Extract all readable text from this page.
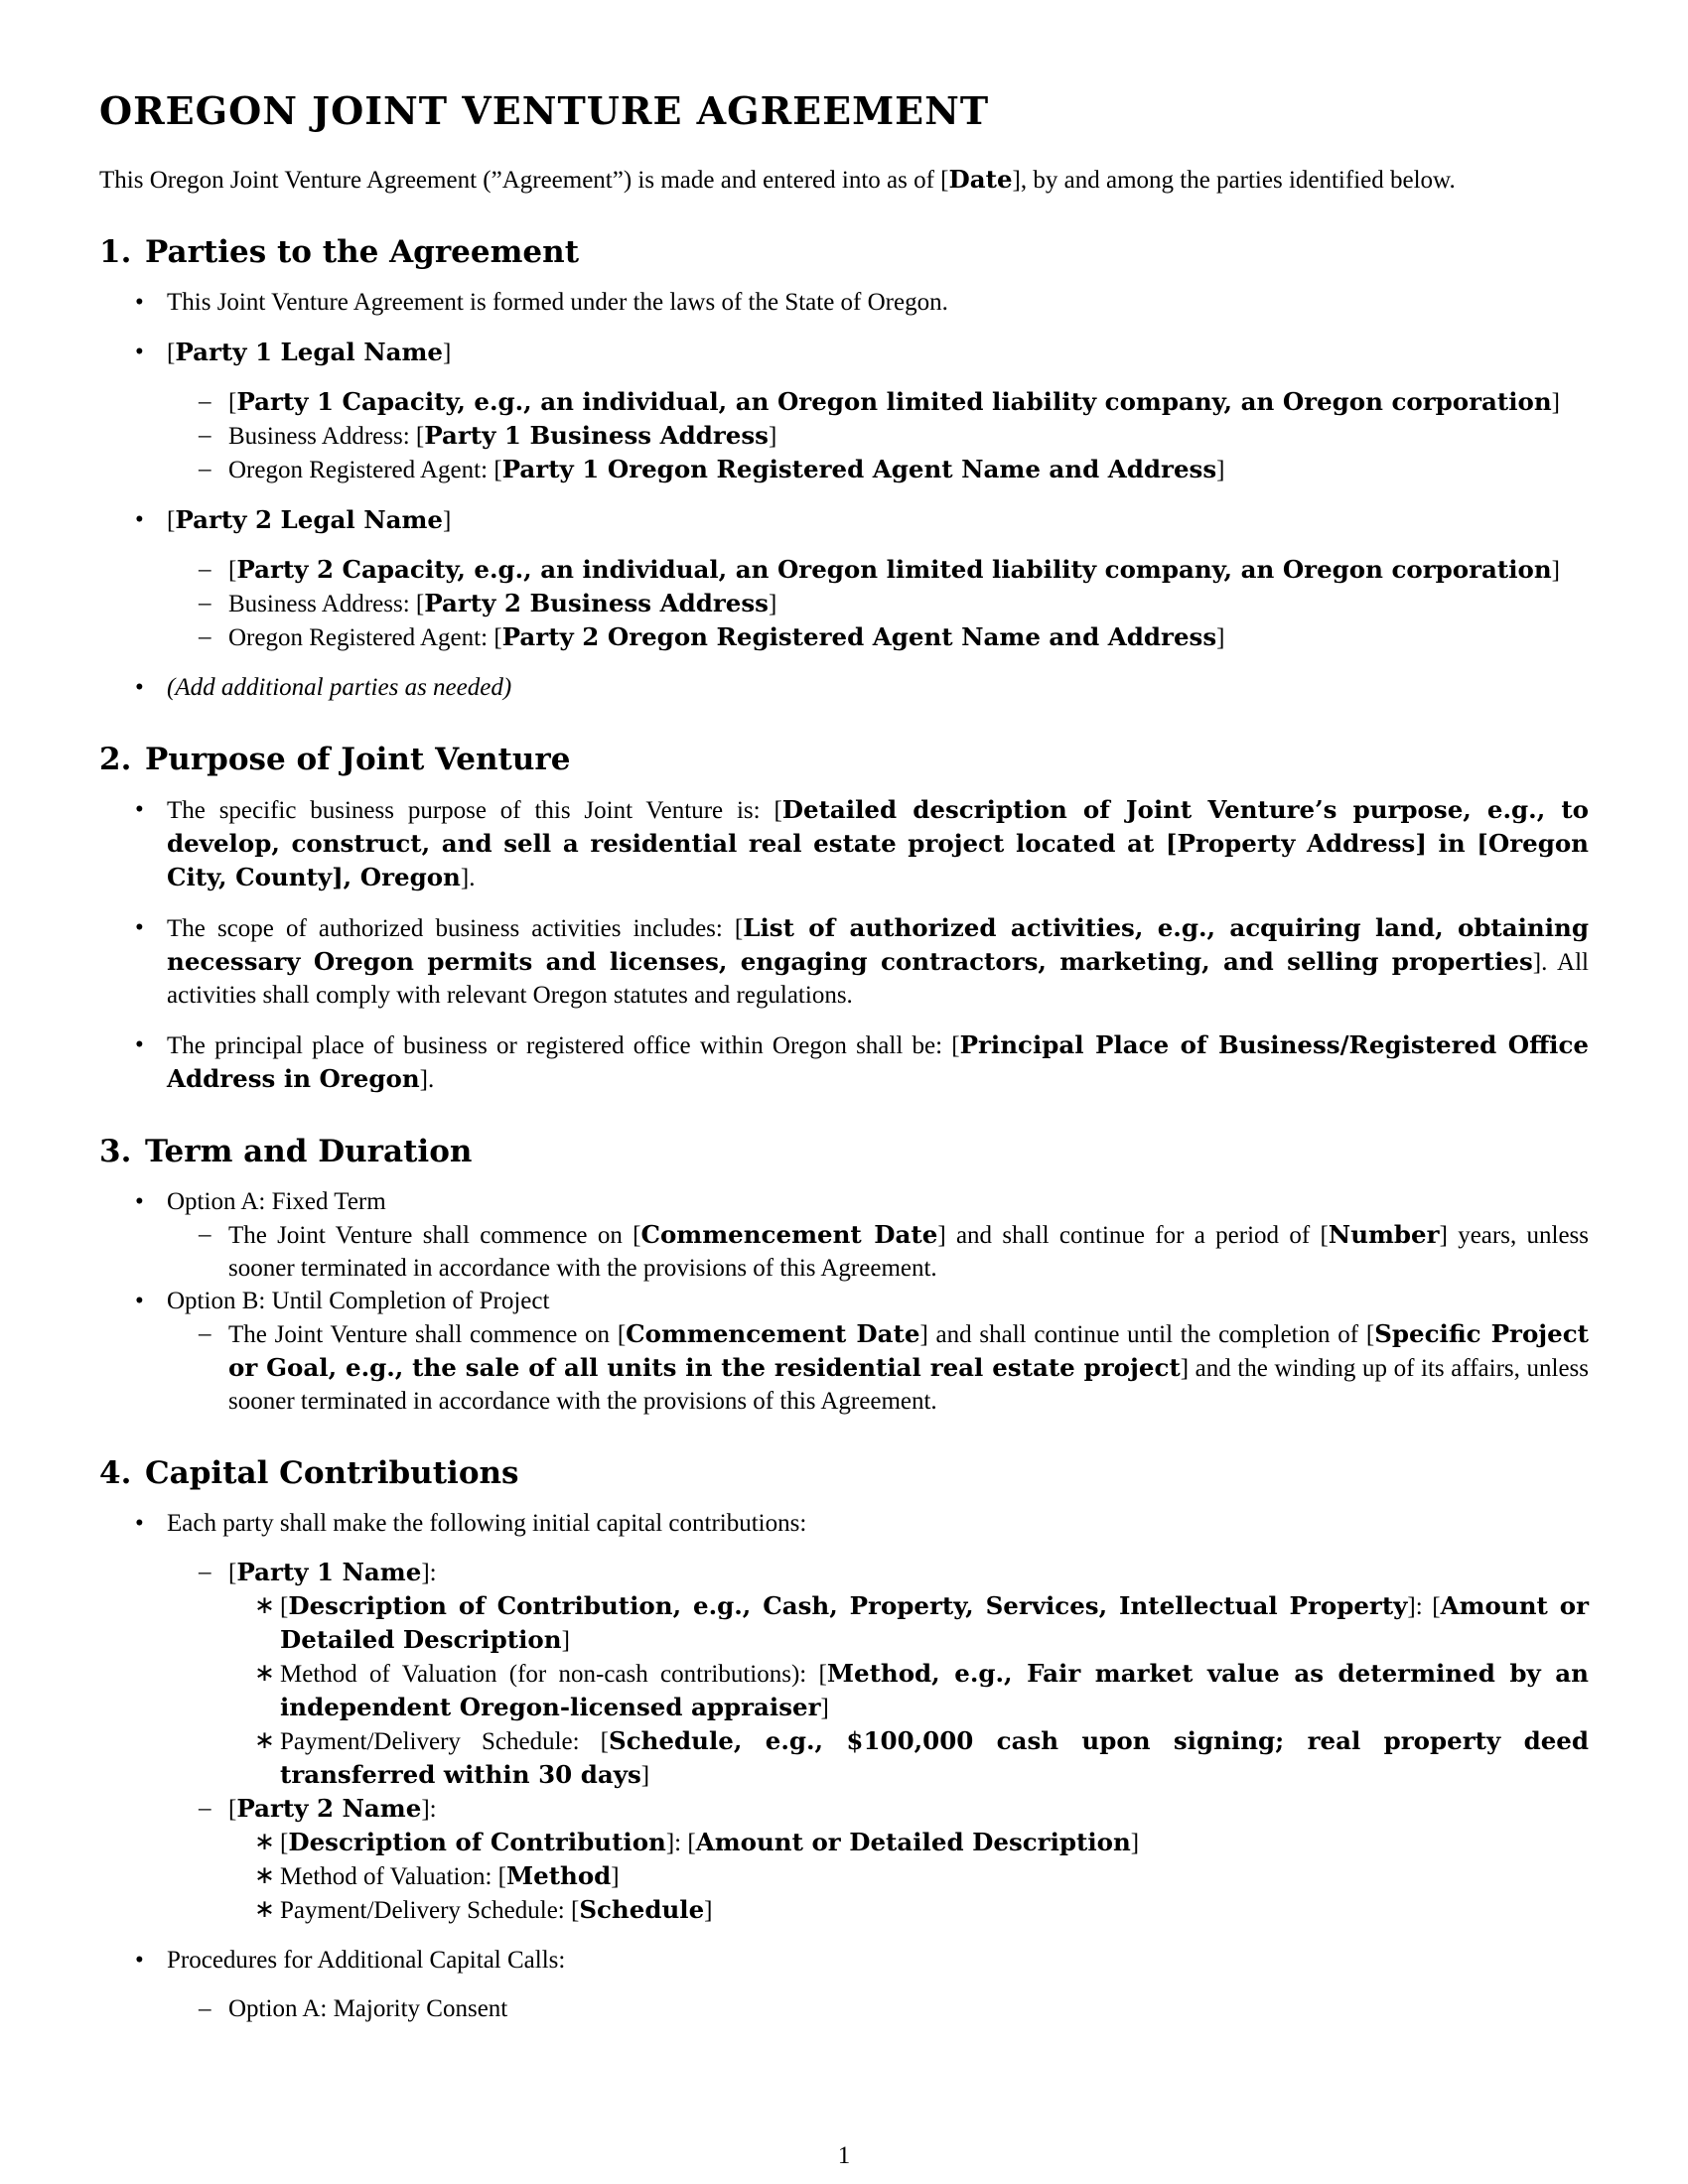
OREGON JOINT VENTURE AGREEMENT

This Oregon Joint Venture Agreement (”Agreement”) is made and entered into as of [Date], by and among the parties identified below.

1. Parties to the Agreement
• This Joint Venture Agreement is formed under the laws of the State of Oregon.
• [Party 1 Legal Name]
– [Party 1 Capacity, e.g., an individual, an Oregon limited liability company, an Oregon corporation]
– Business Address: [Party 1 Business Address]
– Oregon Registered Agent: [Party 1 Oregon Registered Agent Name and Address]
• [Party 2 Legal Name]
– [Party 2 Capacity, e.g., an individual, an Oregon limited liability company, an Oregon corporation]
– Business Address: [Party 2 Business Address]
– Oregon Registered Agent: [Party 2 Oregon Registered Agent Name and Address]
• (Add additional parties as needed)
2. Purpose of Joint Venture
• The specific business purpose of this Joint Venture is: [Detailed description of Joint Venture’s purpose, e.g., to develop, construct, and sell a residential real estate project located at [Property Address] in [Oregon City, County], Oregon].
• The scope of authorized business activities includes: [List of authorized activities, e.g., acquiring land, obtaining necessary Oregon permits and licenses, engaging contractors, marketing, and selling properties]. All activities shall comply with relevant Oregon statutes and regulations.
• The principal place of business or registered office within Oregon shall be: [Principal Place of Business/Registered Office Address in Oregon].
3. Term and Duration
• Option A: Fixed Term
– The Joint Venture shall commence on [Commencement Date] and shall continue for a period of [Number] years, unless sooner terminated in accordance with the provisions of this Agreement.
• Option B: Until Completion of Project
– The Joint Venture shall commence on [Commencement Date] and shall continue until the completion of [Specific Project or Goal, e.g., the sale of all units in the residential real estate project] and the winding up of its affairs, unless sooner terminated in accordance with the provisions of this Agreement.
4. Capital Contributions
• Each party shall make the following initial capital contributions:
– [Party 1 Name]:
∗ [Description of Contribution, e.g., Cash, Property, Services, Intellectual Property]: [Amount or Detailed Description]
∗ Method of Valuation (for non-cash contributions): [Method, e.g., Fair market value as determined by an independent Oregon-licensed appraiser]
∗ Payment/Delivery Schedule: [Schedule, e.g., $100,000 cash upon signing; real property deed transferred within 30 days]
– [Party 2 Name]:
∗ [Description of Contribution]: [Amount or Detailed Description]
∗ Method of Valuation: [Method]
∗ Payment/Delivery Schedule: [Schedule]
• Procedures for Additional Capital Calls:
– Option A: Majority Consent
1
